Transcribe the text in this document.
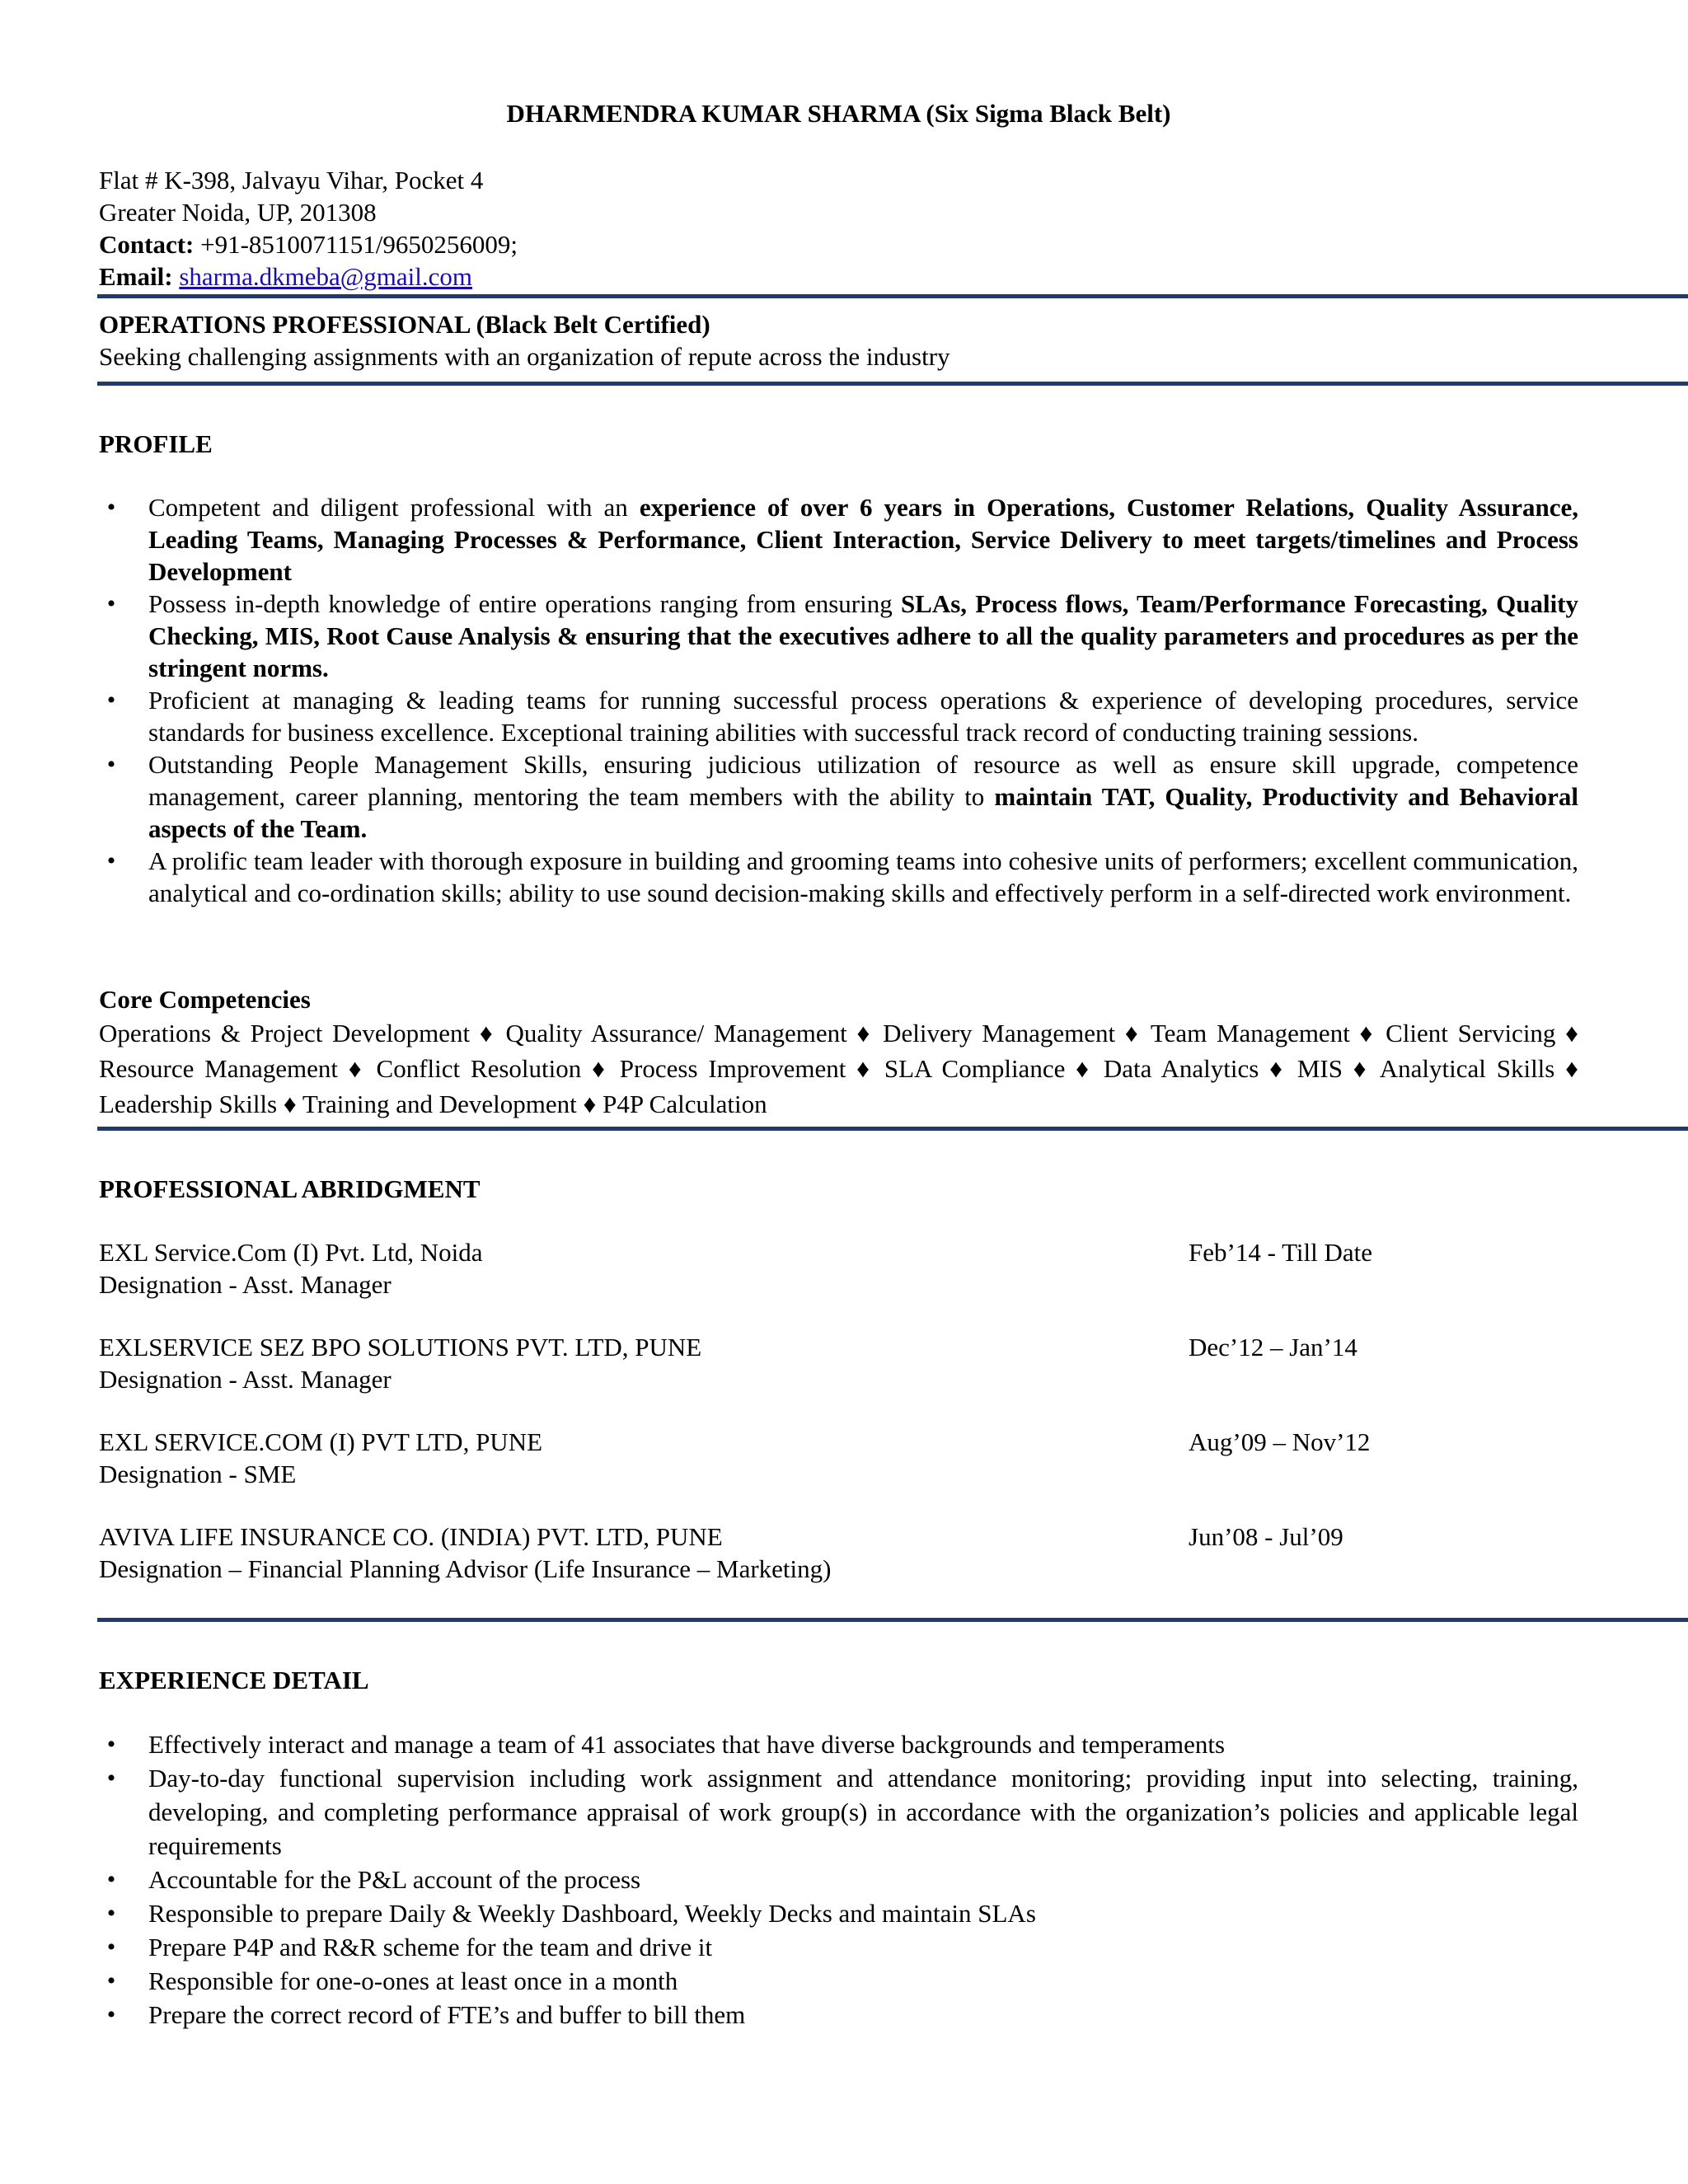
DHARMENDRA KUMAR SHARMA (Six Sigma Black Belt)
Flat # K-398, Jalvayu Vihar, Pocket 4
Greater Noida, UP, 201308
Contact: +91-8510071151/9650256009;
Email: sharma.dkmeba@gmail.com
OPERATIONS PROFESSIONAL (Black Belt Certified)
Seeking challenging assignments with an organization of repute across the industry
PROFILE
•	Competent and diligent professional with an experience of over 6 years in Operations, Customer Relations, Quality Assurance, Leading Teams, Managing Processes & Performance, Client Interaction, Service Delivery to meet targets/timelines and Process Development
•	Possess in-depth knowledge of entire operations ranging from ensuring SLAs, Process flows, Team/Performance Forecasting, Quality Checking, MIS, Root Cause Analysis & ensuring that the executives adhere to all the quality parameters and procedures as per the stringent norms.
•	Proficient at managing & leading teams for running successful process operations & experience of developing procedures, service standards for business excellence. Exceptional training abilities with successful track record of conducting training sessions.
•	Outstanding People Management Skills, ensuring judicious utilization of resource as well as ensure skill upgrade, competence management, career planning, mentoring the team members with the ability to maintain TAT, Quality, Productivity and Behavioral aspects of the Team.
•	A prolific team leader with thorough exposure in building and grooming teams into cohesive units of performers; excellent communication, analytical and co-ordination skills; ability to use sound decision-making skills and effectively perform in a self-directed work environment.
Core Competencies
Operations & Project Development ♦ Quality Assurance/ Management ♦ Delivery Management ♦ Team Management ♦ Client Servicing ♦ Resource Management ♦ Conflict Resolution ♦ Process Improvement ♦ SLA Compliance ♦ Data Analytics ♦ MIS ♦ Analytical Skills ♦ Leadership Skills ♦ Training and Development ♦ P4P Calculation
PROFESSIONAL ABRIDGMENT
EXL Service.Com (I) Pvt. Ltd, Noida
Designation - Asst. Manager
Feb’14 - Till Date
EXLSERVICE SEZ BPO SOLUTIONS PVT. LTD, PUNE
Designation - Asst. Manager
Dec’12 – Jan’14
EXL SERVICE.COM (I) PVT LTD, PUNE
Designation - SME
Aug’09 – Nov’12
AVIVA LIFE INSURANCE CO. (INDIA) PVT. LTD, PUNE
Designation – Financial Planning Advisor (Life Insurance – Marketing)
Jun’08 - Jul’09
EXPERIENCE DETAIL
•	Effectively interact and manage a team of 41 associates that have diverse backgrounds and temperaments
•	Day-to-day functional supervision including work assignment and attendance monitoring; providing input into selecting, training, developing, and completing performance appraisal of work group(s) in accordance with the organization’s policies and applicable legal requirements
•	Accountable for the P&L account of the process
•	Responsible to prepare Daily & Weekly Dashboard, Weekly Decks and maintain SLAs
•	Prepare P4P and R&R scheme for the team and drive it
•	Responsible for one-o-ones at least once in a month
•	Prepare the correct record of FTE’s and buffer to bill them
